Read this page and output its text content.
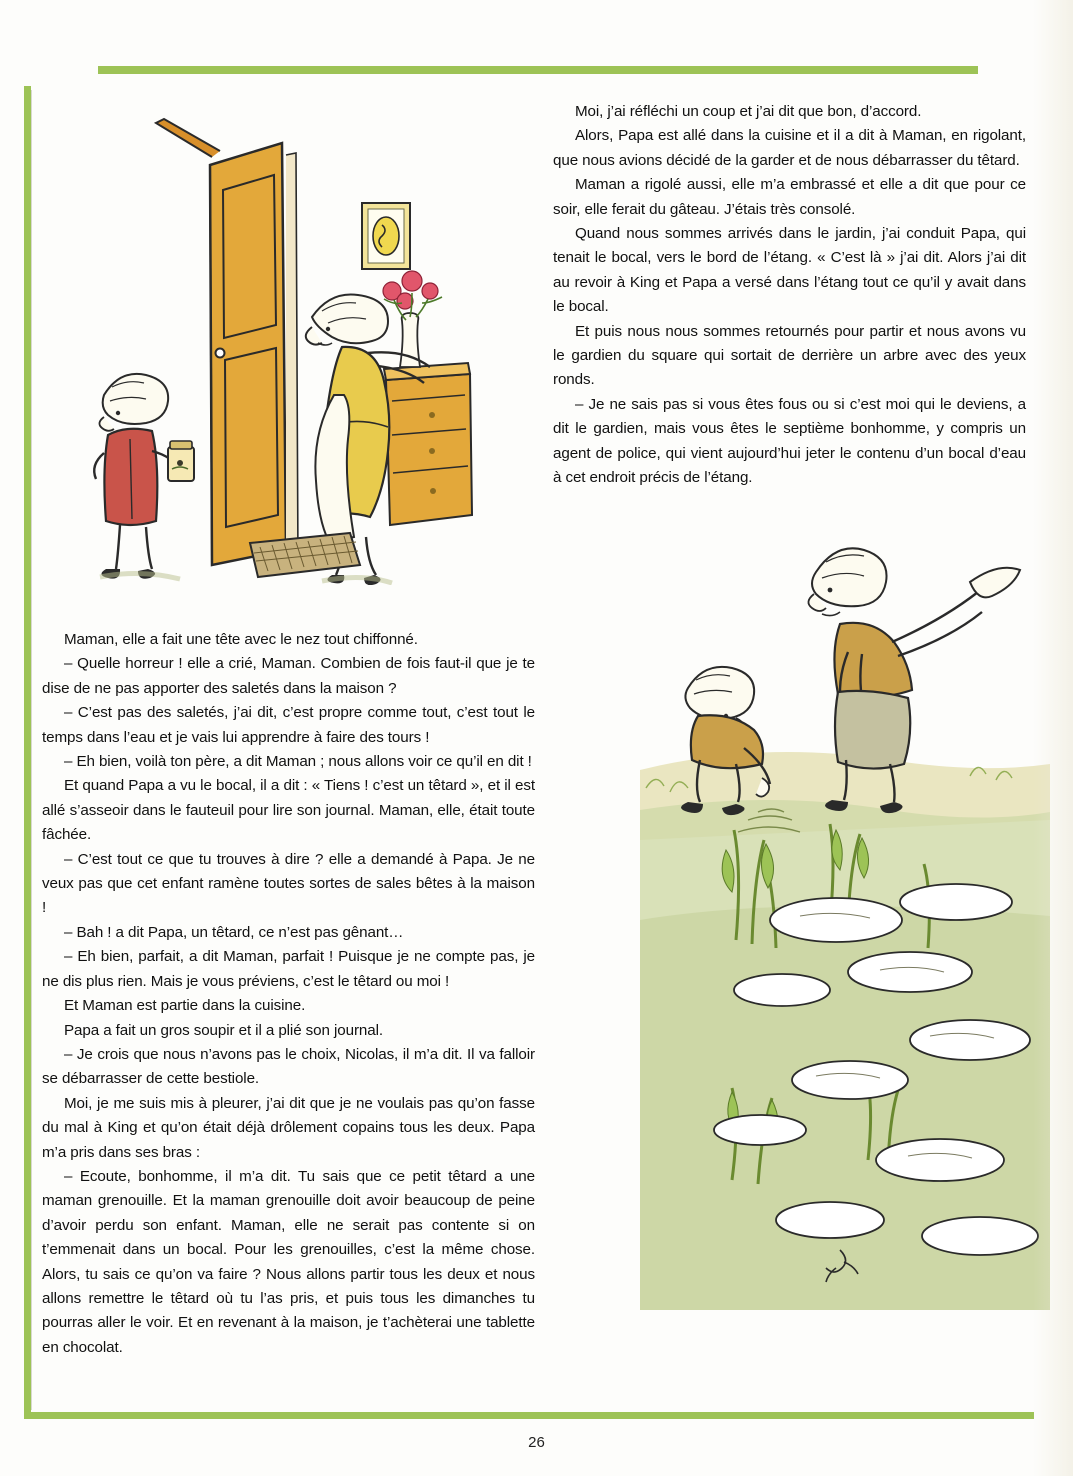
Moi, j’ai réfléchi un coup et j’ai dit que bon, d’accord.

Alors, Papa est allé dans la cuisine et il a dit à Maman, en rigolant, que nous avions décidé de la garder et de nous débarrasser du têtard.

Maman a rigolé aussi, elle m’a embrassé et elle a dit que pour ce soir, elle ferait du gâteau. J’étais très consolé.

Quand nous sommes arrivés dans le jardin, j’ai conduit Papa, qui tenait le bocal, vers le bord de l’étang. « C’est là » j’ai dit. Alors j’ai dit au revoir à King et Papa a versé dans l’étang tout ce qu’il y avait dans le bocal.

Et puis nous nous sommes retournés pour partir et nous avons vu le gardien du square qui sortait de derrière un arbre avec des yeux ronds.

– Je ne sais pas si vous êtes fous ou si c’est moi qui le deviens, a dit le gardien, mais vous êtes le septième bonhomme, y compris un agent de police, qui vient aujourd’hui jeter le contenu d’un bocal d’eau à cet endroit précis de l’étang.

Maman, elle a fait une tête avec le nez tout chiffonné.

– Quelle horreur ! elle a crié, Maman. Combien de fois faut-il que je te dise de ne pas apporter des saletés dans la maison ?

– C’est pas des saletés, j’ai dit, c’est propre comme tout, c’est tout le temps dans l’eau et je vais lui apprendre à faire des tours !

– Eh bien, voilà ton père, a dit Maman ; nous allons voir ce qu’il en dit !

Et quand Papa a vu le bocal, il a dit : « Tiens ! c’est un têtard », et il est allé s’asseoir dans le fauteuil pour lire son journal. Maman, elle, était toute fâchée.

– C’est tout ce que tu trouves à dire ? elle a demandé à Papa. Je ne veux pas que cet enfant ramène toutes sortes de sales bêtes à la maison !

– Bah ! a dit Papa, un têtard, ce n’est pas gênant…

– Eh bien, parfait, a dit Maman, parfait ! Puisque je ne compte pas, je ne dis plus rien. Mais je vous préviens, c’est le têtard ou moi !

Et Maman est partie dans la cuisine.

Papa a fait un gros soupir et il a plié son journal.

– Je crois que nous n’avons pas le choix, Nicolas, il m’a dit. Il va falloir se débarrasser de cette bestiole.

Moi, je me suis mis à pleurer, j’ai dit que je ne voulais pas qu’on fasse du mal à King et qu’on était déjà drôlement copains tous les deux. Papa m’a pris dans ses bras :

– Ecoute, bonhomme, il m’a dit. Tu sais que ce petit têtard a une maman grenouille. Et la maman grenouille doit avoir beaucoup de peine d’avoir perdu son enfant. Maman, elle ne serait pas contente si on t’emmenait dans un bocal. Pour les grenouilles, c’est la même chose. Alors, tu sais ce qu’on va faire ? Nous allons partir tous les deux et nous allons remettre le têtard où tu l’as pris, et puis tous les dimanches tu pourras aller le voir. Et en revenant à la maison, je t’achèterai une tablette en chocolat.

26
